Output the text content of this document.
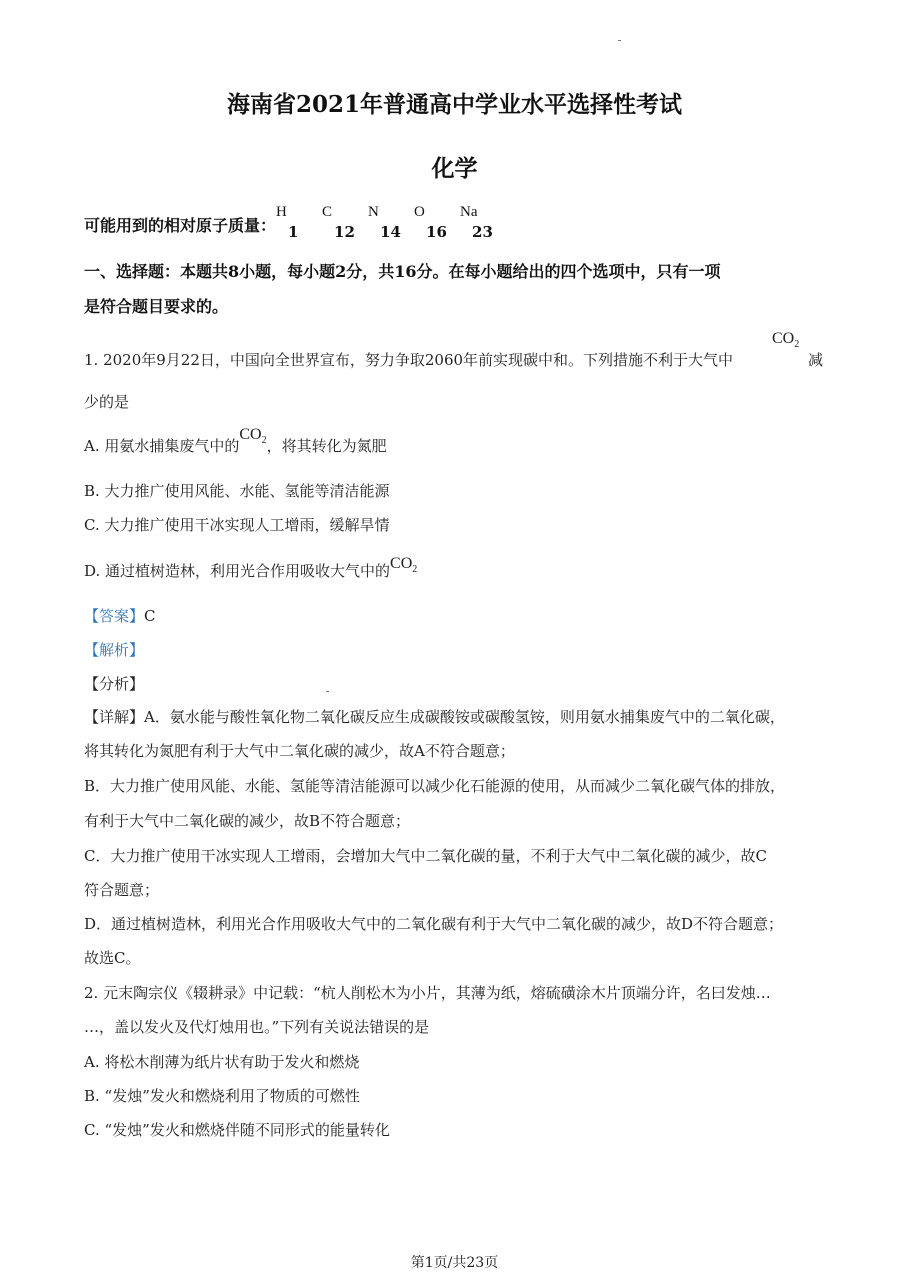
海南省2021年普通高中学业水平选择性考试
化学
可能用到的相对原子质量：
H
1
C
12
N
14
O
16
Na
23
一、选择题：本题共8小题，每小题2分，共16分。在每小题给出的四个选项中，只有一项
是符合题目要求的。
1. 2020年9月22日，中国向全世界宣布，努力争取2060年前实现碳中和。下列措施不利于大气中
$CO_2$
减
少的是
A. 用氨水捕集废气中的$CO_2$，将其转化为氮肥
B. 大力推广使用风能、水能、氢能等清洁能源
C. 大力推广使用干冰实现人工增雨，缓解旱情
D. 通过植树造林，利用光合作用吸收大气中的$CO_2$
【答案】C
【解析】
【分析】
【详解】A．氨水能与酸性氧化物二氧化碳反应生成碳酸铵或碳酸氢铵，则用氨水捕集废气中的二氧化碳，
将其转化为氮肥有利于大气中二氧化碳的减少，故A不符合题意；
B．大力推广使用风能、水能、氢能等清洁能源可以减少化石能源的使用，从而减少二氧化碳气体的排放，
有利于大气中二氧化碳的减少，故B不符合题意；
C．大力推广使用干冰实现人工增雨，会增加大气中二氧化碳的量，不利于大气中二氧化碳的减少，故C
符合题意；
D．通过植树造林，利用光合作用吸收大气中的二氧化碳有利于大气中二氧化碳的减少，故D不符合题意；
故选C。
2. 元末陶宗仪《辍耕录》中记载：“杭人削松木为小片，其薄为纸，熔硫磺涂木片顶端分许，名曰发烛…
…，盖以发火及代灯烛用也。”下列有关说法错误的是
A. 将松木削薄为纸片状有助于发火和燃烧
B. “发烛”发火和燃烧利用了物质的可燃性
C. “发烛”发火和燃烧伴随不同形式的能量转化
第1页/共23页
